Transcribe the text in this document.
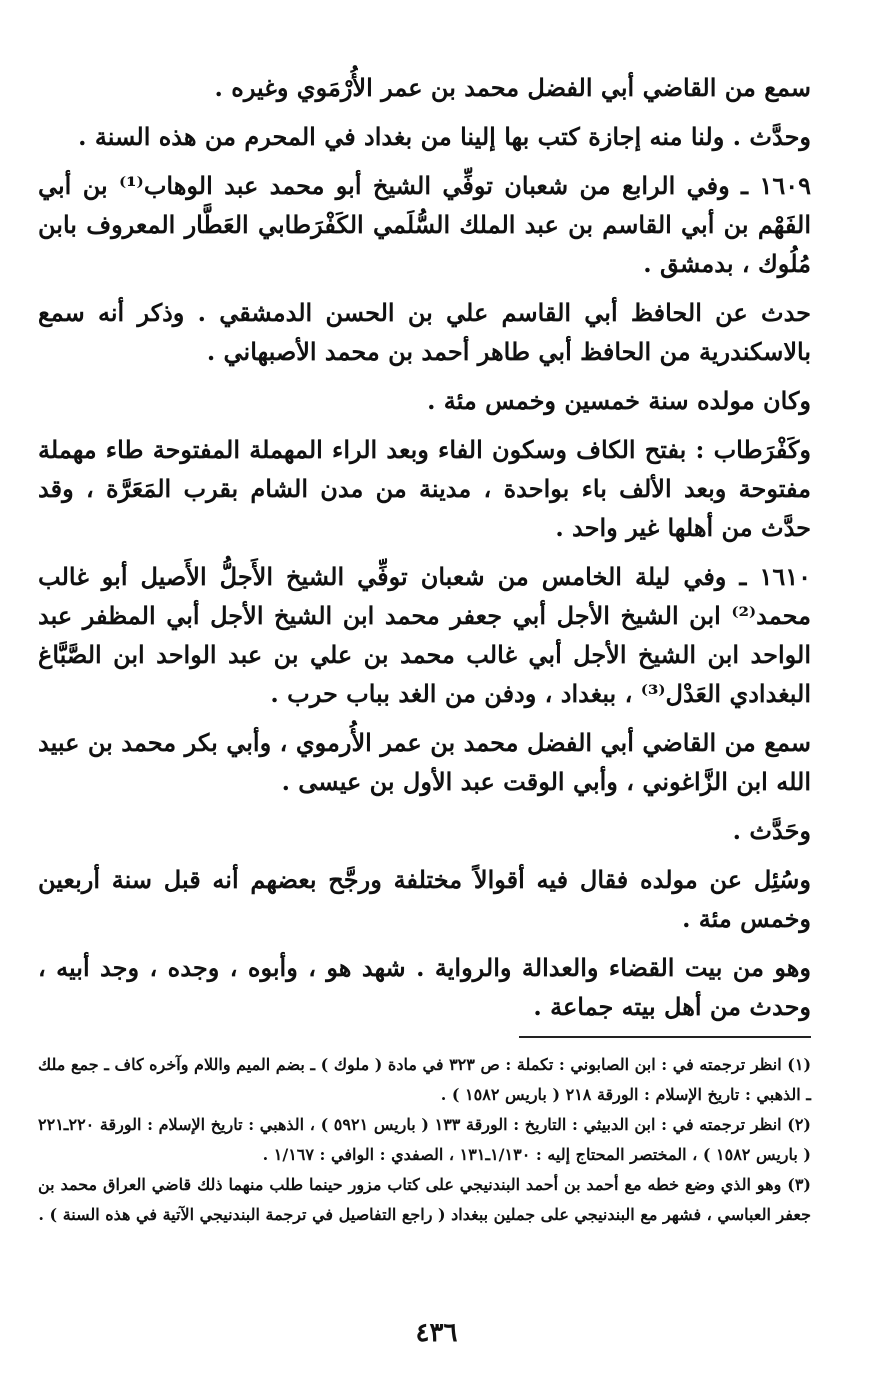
سمع من القاضي أبي الفضل محمد بن عمر الأُرْمَوي وغيره .

وحدَّث . ولنا منه إجازة كتب بها إلينا من بغداد في المحرم من هذه السنة .

١٦٠٩ ـ وفي الرابع من شعبان توفِّي الشيخ أبو محمد عبد الوهاب⁽¹⁾ بن أبي الفَهْم بن أبي القاسم بن عبد الملك السُّلَمي الكَفْرَطابي العَطَّار المعروف بابن مُلُوك ، بدمشق .

حدث عن الحافظ أبي القاسم علي بن الحسن الدمشقي . وذكر أنه سمع بالاسكندرية من الحافظ أبي طاهر أحمد بن محمد الأصبهاني .

وكان مولده سنة خمسين وخمس مئة .

وكَفْرَطاب : بفتح الكاف وسكون الفاء وبعد الراء المهملة المفتوحة طاء مهملة مفتوحة وبعد الألف باء بواحدة ، مدينة من مدن الشام بقرب المَعَرَّة ، وقد حدَّث من أهلها غير واحد .

١٦١٠ ـ وفي ليلة الخامس من شعبان توفِّي الشيخ الأَجلُّ الأَصيل أبو غالب محمد⁽²⁾ ابن الشيخ الأجل أبي جعفر محمد ابن الشيخ الأجل أبي المظفر عبد الواحد ابن الشيخ الأجل أبي غالب محمد بن علي بن عبد الواحد ابن الصَّبَّاغ البغدادي العَدْل⁽³⁾ ، ببغداد ، ودفن من الغد بباب حرب .

سمع من القاضي أبي الفضل محمد بن عمر الأُرموي ، وأبي بكر محمد بن عبيد الله ابن الزَّاغوني ، وأبي الوقت عبد الأول بن عيسى .

وحَدَّث .

وسُئِل عن مولده فقال فيه أقوالاً مختلفة ورجَّح بعضهم أنه قبل سنة أربعين وخمس مئة .

وهو من بيت القضاء والعدالة والرواية . شهد هو ، وأبوه ، وجده ، وجد أبيه ، وحدث من أهل بيته جماعة .

(١) انظر ترجمته في : ابن الصابوني : تكملة : ص ٣٢٣ في مادة ( ملوك ) ـ بضم الميم واللام وآخره كاف ـ جمع ملك ـ الذهبي : تاريخ الإسلام : الورقة ٢١٨ ( باريس ١٥٨٢ ) .

(٢) انظر ترجمته في : ابن الدبيثي : التاريخ : الورقة ١٣٣ ( باريس ٥٩٢١ ) ، الذهبي : تاريخ الإسلام : الورقة ٢٢٠ـ٢٢١ ( باريس ١٥٨٢ ) ، المختصر المحتاج إليه : ١/١٣٠ـ١٣١ ، الصفدي : الوافي : ١/١٦٧ .

(٣) وهو الذي وضع خطه مع أحمد بن أحمد البندنيجي على كتاب مزور حينما طلب منهما ذلك قاضي العراق محمد بن جعفر العباسي ، فشهر مع البندنيجي على جملين ببغداد ( راجع التفاصيل في ترجمة البندنيجي الآتية في هذه السنة ) .

٤٣٦
